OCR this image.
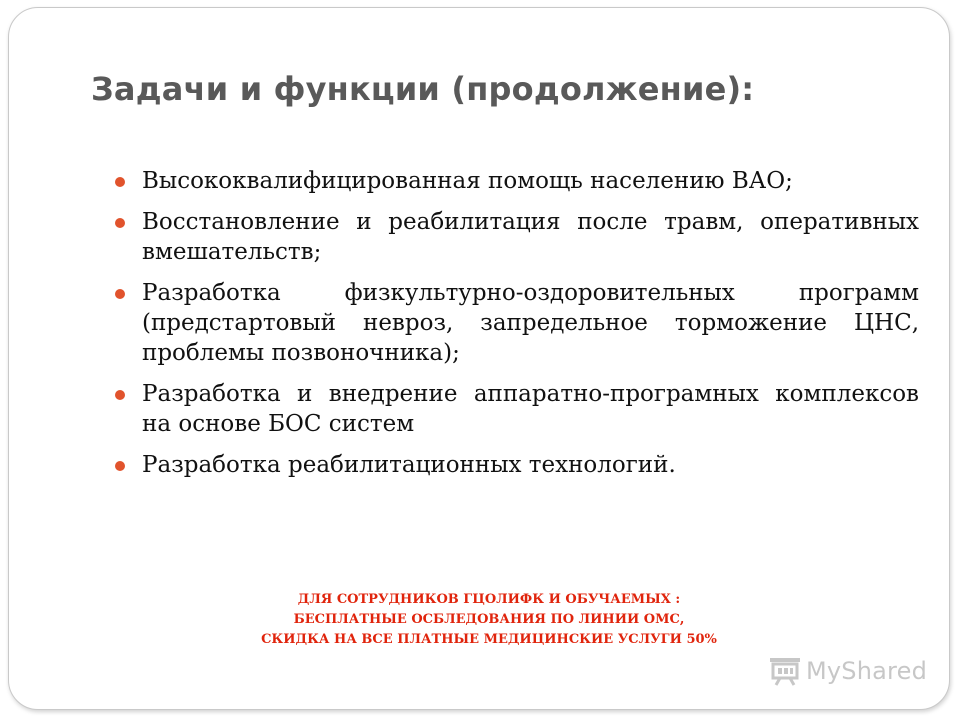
Задачи и функции (продолжение):
Высококвалифицированная помощь населению ВАО;
Восстановление и реабилитация после травм, оперативных вмешательств;
Разработка физкультурно-оздоровительных программ (предстартовый невроз, запредельное торможение ЦНС, проблемы позвоночника);
Разработка и внедрение аппаратно-програмных комплексов на основе БОС систем
Разработка реабилитационных технологий.
ДЛЯ СОТРУДНИКОВ ГЦОЛИФК И ОБУЧАЕМЫХ :
БЕСПЛАТНЫЕ ОСБЛЕДОВАНИЯ ПО ЛИНИИ ОМС,
СКИДКА НА ВСЕ ПЛАТНЫЕ МЕДИЦИНСКИЕ УСЛУГИ 50%
MyShared
